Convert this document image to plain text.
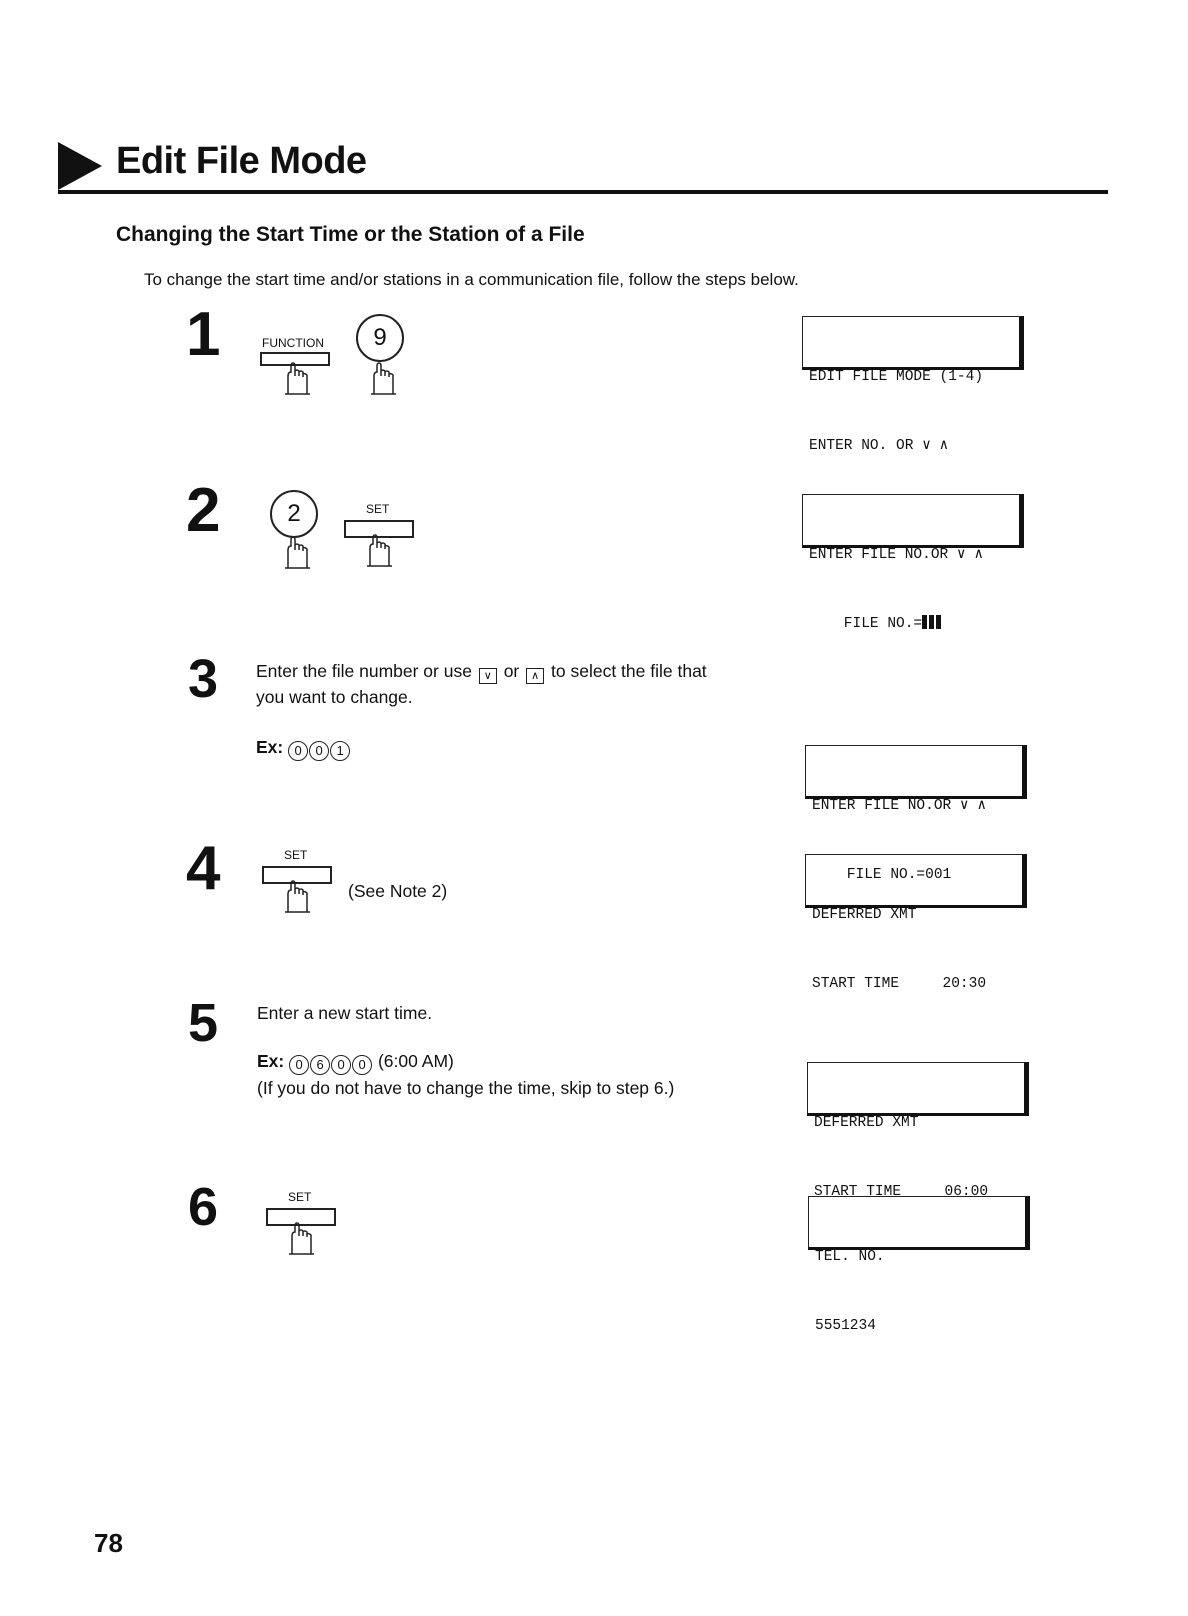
Edit File Mode
Changing the Start Time or the Station of a File
To change the start time and/or stations in a communication file, follow the steps below.
1	FUNCTION	9

EDIT FILE MODE (1-4)

ENTER NO. OR ∨ ∧

2	2	SET

ENTER FILE NO.OR ∨ ∧

FILE NO.=

3 Enter the file number or use ∨ or ∧ to select the file that
you want to change.
Ex: 0 0 1

ENTER FILE NO.OR ∨ ∧

FILE NO.=001

4	SET
(See Note 2)

DEFERRED XMT

START TIME     20:30

5 Enter a new start time.
Ex: 0 6 0 0 (6:00 AM)
(If you do not have to change the time, skip to step 6.)

DEFERRED XMT

START TIME     06:00

6	SET

TEL. NO.

5551234

78
